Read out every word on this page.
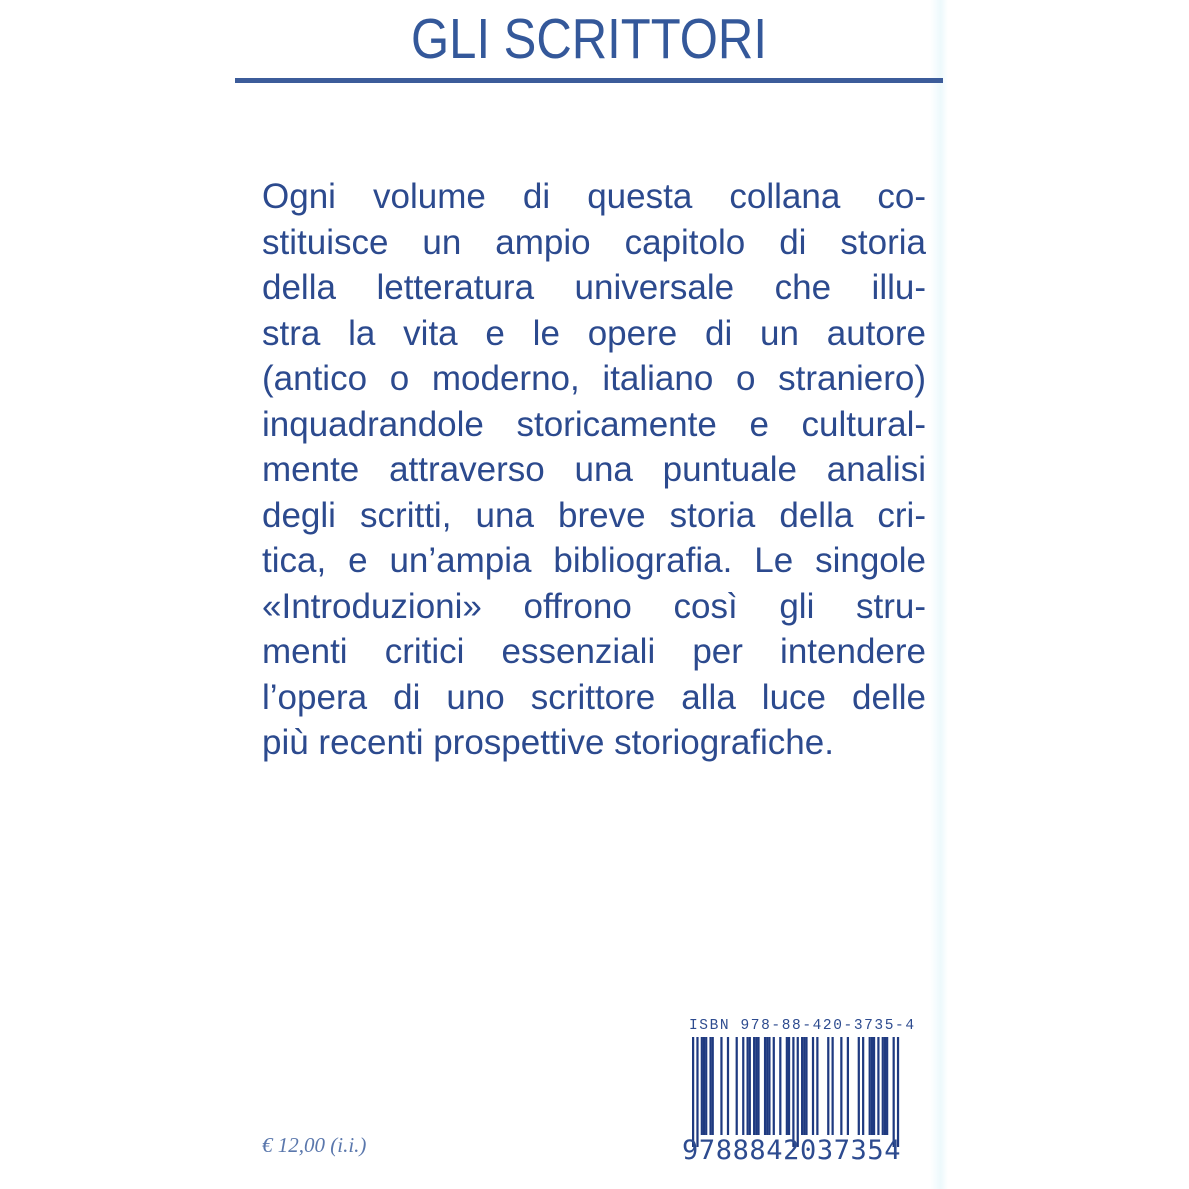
GLI SCRITTORI
Ogni volume di questa collana co-
stituisce un ampio capitolo di storia
della letteratura universale che illu-
stra la vita e le opere di un autore
(antico o moderno, italiano o straniero)
inquadrandole storicamente e cultural-
mente attraverso una puntuale analisi
degli scritti, una breve storia della cri-
tica, e un’ampia bibliografia. Le singole
«Introduzioni» offrono così gli stru-
menti critici essenziali per intendere
l’opera di uno scrittore alla luce delle
più recenti prospettive storiografiche.
€ 12,00 (i.i.)
ISBN 978-88-420-3735-4
9788842037354
